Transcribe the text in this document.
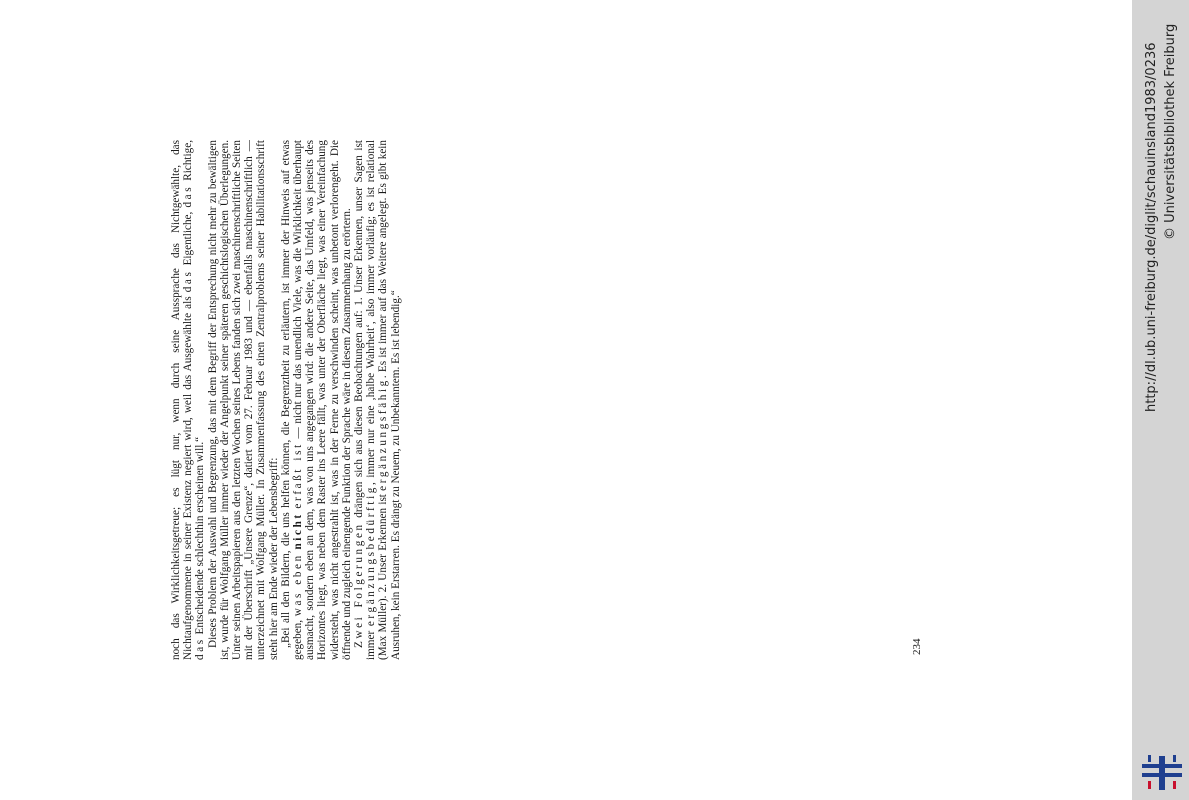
noch das Wirklichkeitsgetreue; es lügt nur, wenn durch seine Aussprache das Nichtgewählte, das Nichtaufgenommene in seiner Existenz negiert wird, weil das Ausgewählte als das Eigentliche, das Richtige, das Entscheidende schlechthin erscheinen will.“ Dieses Problem der Auswahl und Begrenzung, das mit dem Begriff der Entsprechung nicht mehr zu bewältigen ist, wurde für Wolfgang Müller immer wieder der Angelpunkt seiner späteren geschichtslogischen Überlegungen. Unter seinen Arbeitspapieren aus den letzten Wochen seines Lebens fanden sich zwei maschinenschriftliche Seiten mit der Überschrift „Unsere Grenze“, datiert vom 27. Februar 1983 und — ebenfalls maschinenschriftlich — unterzeichnet mit Wolfgang Müller. In Zusammenfassung des einen Zentralproblems seiner Habilitationsschrift steht hier am Ende wieder der Lebensbegriff: „Bei all den Bildern, die uns helfen können, die Begrenztheit zu erläutern, ist immer der Hinweis auf etwas gegeben, was eben nicht erfaßt ist — nicht nur das unendlich Viele, was die Wirklichkeit überhaupt ausmacht, sondern eben an dem, was von uns angegangen wird: die andere Seite, das Umfeld, was jenseits des Horizontes liegt, was neben dem Raster ins Leere fällt, was unter der Oberfläche liegt, was einer Vereinfachung widersteht, was nicht angestrahlt ist, was in der Ferne zu verschwinden scheint, was unbetont verlorengeht. Die öffnende und zugleich einengende Funktion der Sprache wäre in diesem Zusammenhang zu erörtern. Zwei Folgerungen drängen sich aus diesen Beobachtungen auf: 1. Unser Erkennen, unser Sagen ist immer ergänzungsbedürftig, immer nur eine ‚halbe Wahrheit‘, also immer vorläufig; es ist relational (Max Müller). 2. Unser Erkennen ist ergänzungsfähig. Es ist immer auf das Weitere angelegt. Es gibt kein Ausruhen, kein Erstarren. Es drängt zu Neuem, zu Unbekanntem. Es ist lebendig.“	234
http://dl.ub.uni-freiburg.de/diglit/schauinsland1983/0236 © Universitätsbibliothek Freiburg
